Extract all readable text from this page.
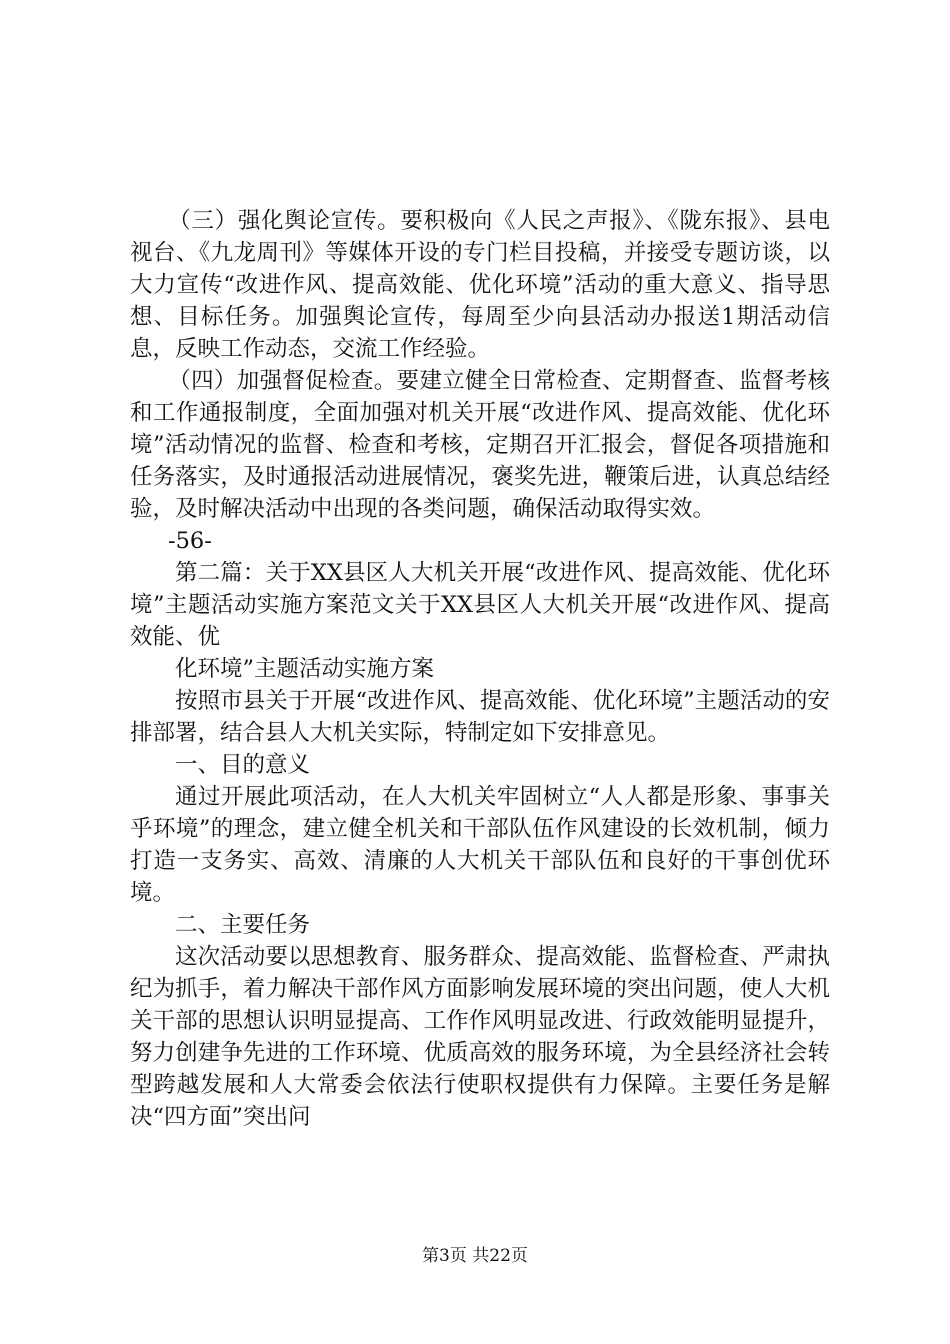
（三）强化舆论宣传。要积极向《人民之声报》、《陇东报》、县电视台、《九龙周刊》等媒体开设的专门栏目投稿，并接受专题访谈，以大力宣传“改进作风、提高效能、优化环境”活动的重大意义、指导思想、目标任务。加强舆论宣传，每周至少向县活动办报送1期活动信息，反映工作动态，交流工作经验。

（四）加强督促检查。要建立健全日常检查、定期督查、监督考核和工作通报制度，全面加强对机关开展“改进作风、提高效能、优化环境”活动情况的监督、检查和考核，定期召开汇报会，督促各项措施和任务落实，及时通报活动进展情况，褒奖先进，鞭策后进，认真总结经验，及时解决活动中出现的各类问题，确保活动取得实效。

-56-

第二篇：关于XX县区人大机关开展“改进作风、提高效能、优化环境”主题活动实施方案范文关于XX县区人大机关开展“改进作风、提高效能、优

化环境”主题活动实施方案

按照市县关于开展“改进作风、提高效能、优化环境”主题活动的安排部署，结合县人大机关实际，特制定如下安排意见。

一、目的意义

通过开展此项活动，在人大机关牢固树立“人人都是形象、事事关乎环境”的理念，建立健全机关和干部队伍作风建设的长效机制，倾力打造一支务实、高效、清廉的人大机关干部队伍和良好的干事创优环境。

二、主要任务

这次活动要以思想教育、服务群众、提高效能、监督检查、严肃执纪为抓手，着力解决干部作风方面影响发展环境的突出问题，使人大机关干部的思想认识明显提高、工作作风明显改进、行政效能明显提升，努力创建争先进的工作环境、优质高效的服务环境，为全县经济社会转型跨越发展和人大常委会依法行使职权提供有力保障。主要任务是解决“四方面”突出问

第3页 共22页
